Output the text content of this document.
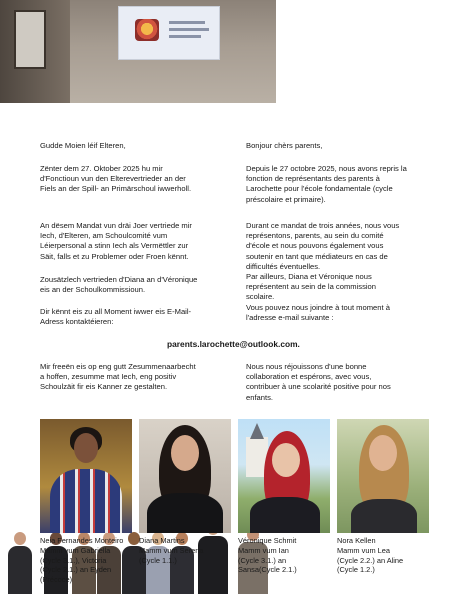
Gudde Moien léif Elteren,
Zënter dem 27. Oktober 2025 hu mir
d'Fonctioun vun den Elterevertrieder an der
Fiels an der Spill- an Primärschoul iwwerholl.
An dësem Mandat vun dräi Joer vertriede mir
Iech, d'Elteren, am Schoulcomité vum
Léierpersonal a stinn Iech als Vermëttler zur
Säit, falls et zu Problemer oder Froen kënnt.
Zousätzlech vertrieden d'Diana an d'Véronique
eis an der Schoulkommissioun.
Dir kënnt eis zu all Moment iwwer eis E-Mail-
Adress kontaktéieren:
Bonjour chèrs parents,
Depuis le 27 octobre 2025, nous avons repris la
fonction de représentants des parents à
Larochette pour l'école fondamentale (cycle
préscolaire et primaire).
Durant ce mandat de trois années, nous vous
représentons, parents, au sein du comité
d'école et nous pouvons également vous
soutenir en tant que médiateurs en cas de
difficultés éventuelles.
Par ailleurs, Diana et Véronique nous
représentent au sein de la commission
scolaire.
Vous pouvez nous joindre à tout moment à
l'adresse e-mail suivante :
parents.larochette@outlook.com.
Mir freeën eis op eng gutt Zesummenaarbecht
a hoffen, zesumme mat Iech, eng positiv
Schoulzäit fir eis Kanner ze gestalten.
Nous nous réjouissons d'une bonne
collaboration et espérons, avec vous,
contribuer à une scolarité positive pour nos
enfants.
Neia Fernandes Monteiro
Mamm vum Gabriella
(Cycle 3.1.), Victoria
(Cycle 2.1.) an Eyden
(Précoce)
Diana Martins
Mamm vum Serena
(Cycle 1.1.)
Véronique Schmit
Mamm vum Ian
(Cycle 3.1.) an
Sansa(Cycle 2.1.)
Nora Kellen
Mamm vum Lea
(Cycle 2.2.) an Aline
(Cycle 1.2.)
